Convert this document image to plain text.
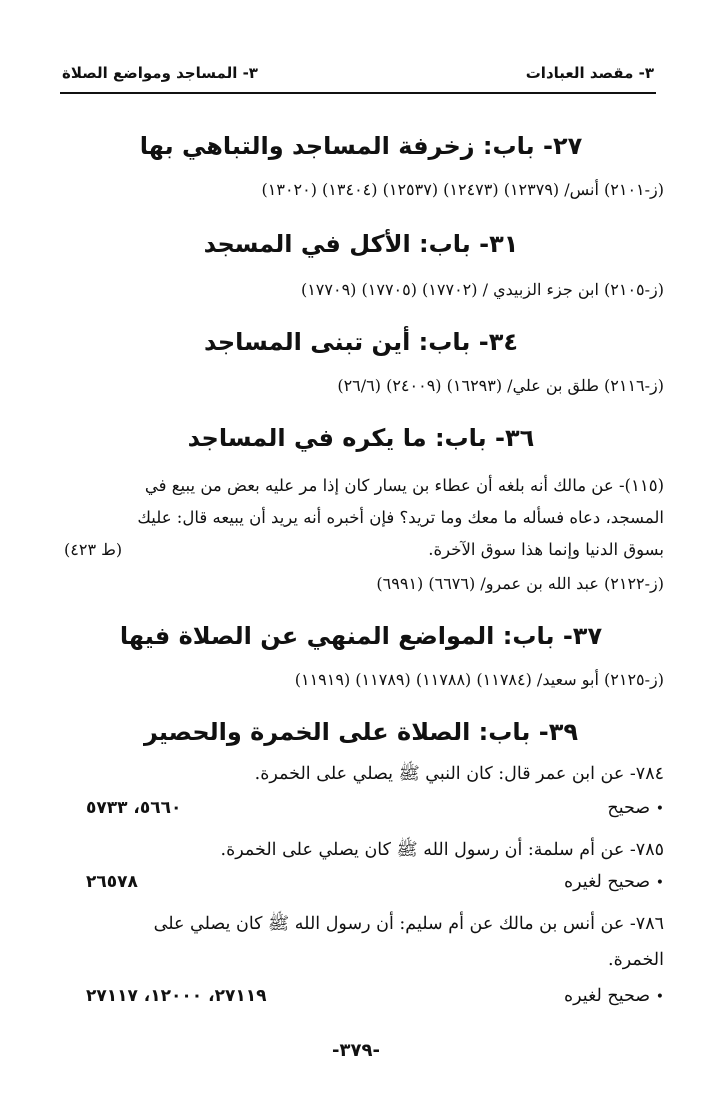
٣- مقصد العبادات
٣- المساجد ومواضع الصلاة
٢٧- باب: زخرفة المساجد والتباهي بها
(ز-٢١٠١) أنس/ (١٢٣٧٩) (١٢٤٧٣) (١٢٥٣٧) (١٣٤٠٤) (١٣٠٢٠)
٣١- باب: الأكل في المسجد
(ز-٢١٠٥) ابن جزء الزبيدي / (١٧٧٠٢) (١٧٧٠٥) (١٧٧٠٩)
٣٤- باب: أين تبنى المساجد
(ز-٢١١٦) طلق بن علي/ (١٦٢٩٣) (٢٤٠٠٩) (٢٦/٦)
٣٦- باب: ما يكره في المساجد
(١١٥)- عن مالك أنه بلغه أن عطاء بن يسار كان إذا مر عليه بعض من يبيع في
المسجد، دعاه فسأله ما معك وما تريد؟ فإن أخبره أنه يريد أن يبيعه قال: عليك
بسوق الدنيا وإنما هذا سوق الآخرة.
(ط ٤٢٣)
(ز-٢١٢٢) عبد الله بن عمرو/ (٦٦٧٦) (٦٩٩١)
٣٧- باب: المواضع المنهي عن الصلاة فيها
(ز-٢١٢٥) أبو سعيد/ (١١٧٨٤) (١١٧٨٨) (١١٧٨٩) (١١٩١٩)
٣٩- باب: الصلاة على الخمرة والحصير
٧٨٤- عن ابن عمر قال: كان النبي ﷺ يصلي على الخمرة.
• صحيح
٥٦٦٠، ٥٧٣٣
٧٨٥- عن أم سلمة: أن رسول الله ﷺ كان يصلي على الخمرة.
• صحيح لغيره
٢٦٥٧٨
٧٨٦- عن أنس بن مالك عن أم سليم: أن رسول الله ﷺ كان يصلي على
الخمرة.
• صحيح لغيره
٢٧١١٩، ١٢٠٠٠، ٢٧١١٧
-٣٧٩-
